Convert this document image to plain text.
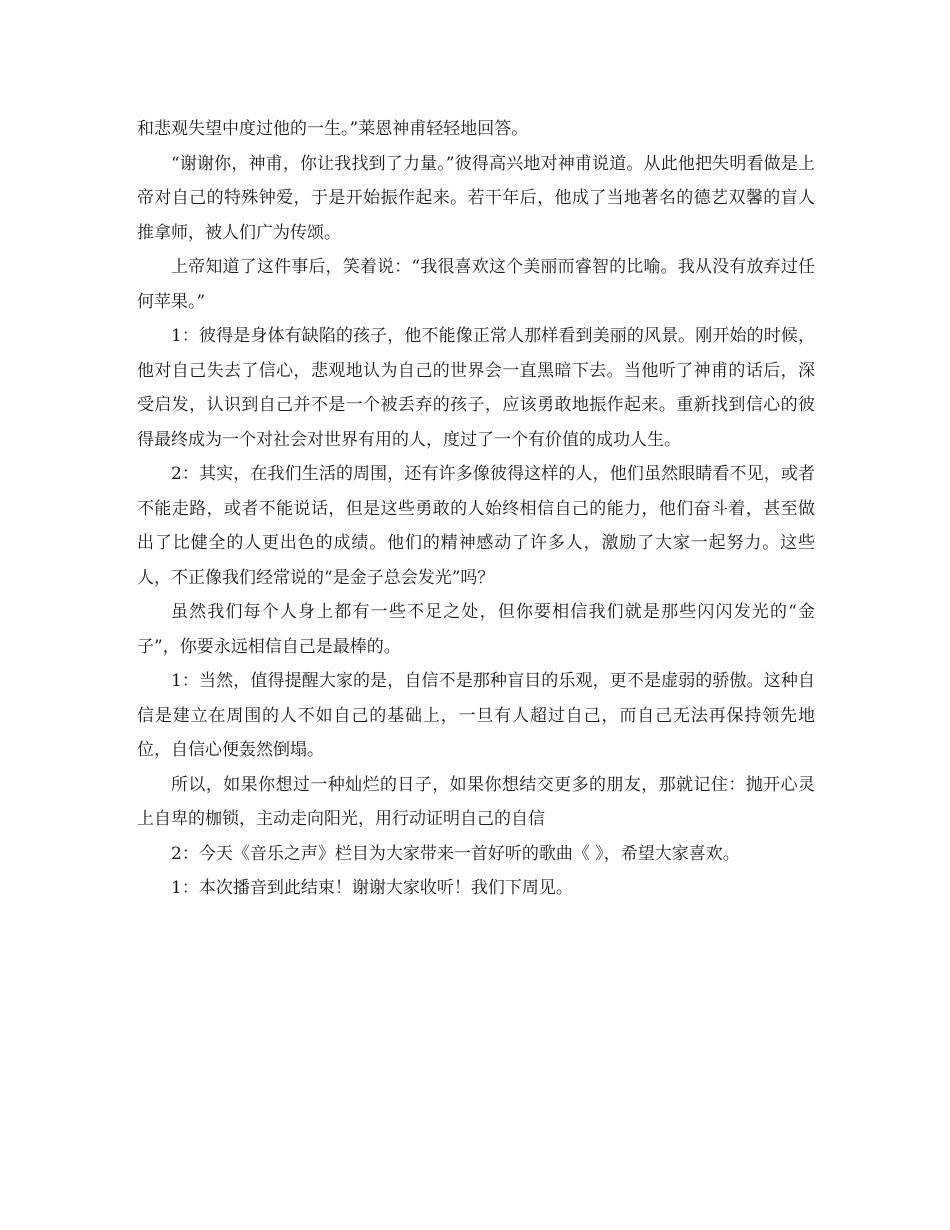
和悲观失望中度过他的一生。”莱恩神甫轻轻地回答。

“谢谢你，神甫，你让我找到了力量。”彼得高兴地对神甫说道。从此他把失明看做是上帝对自己的特殊钟爱，于是开始振作起来。若干年后，他成了当地著名的德艺双馨的盲人推拿师，被人们广为传颂。

上帝知道了这件事后，笑着说：“我很喜欢这个美丽而睿智的比喻。我从没有放弃过任何苹果。”

1：彼得是身体有缺陷的孩子，他不能像正常人那样看到美丽的风景。刚开始的时候，他对自己失去了信心，悲观地认为自己的世界会一直黑暗下去。当他听了神甫的话后，深受启发，认识到自己并不是一个被丢弃的孩子，应该勇敢地振作起来。重新找到信心的彼得最终成为一个对社会对世界有用的人，度过了一个有价值的成功人生。

2：其实，在我们生活的周围，还有许多像彼得这样的人，他们虽然眼睛看不见，或者不能走路，或者不能说话，但是这些勇敢的人始终相信自己的能力，他们奋斗着，甚至做出了比健全的人更出色的成绩。他们的精神感动了许多人，激励了大家一起努力。这些人，不正像我们经常说的“是金子总会发光”吗？

虽然我们每个人身上都有一些不足之处，但你要相信我们就是那些闪闪发光的“金子”，你要永远相信自己是最棒的。

1：当然，值得提醒大家的是，自信不是那种盲目的乐观，更不是虚弱的骄傲。这种自信是建立在周围的人不如自己的基础上，一旦有人超过自己，而自己无法再保持领先地位，自信心便轰然倒塌。

所以，如果你想过一种灿烂的日子，如果你想结交更多的朋友，那就记住：抛开心灵上自卑的枷锁，主动走向阳光，用行动证明自己的自信

2：今天《音乐之声》栏目为大家带来一首好听的歌曲《 》，希望大家喜欢。

1：本次播音到此结束！谢谢大家收听！我们下周见。
